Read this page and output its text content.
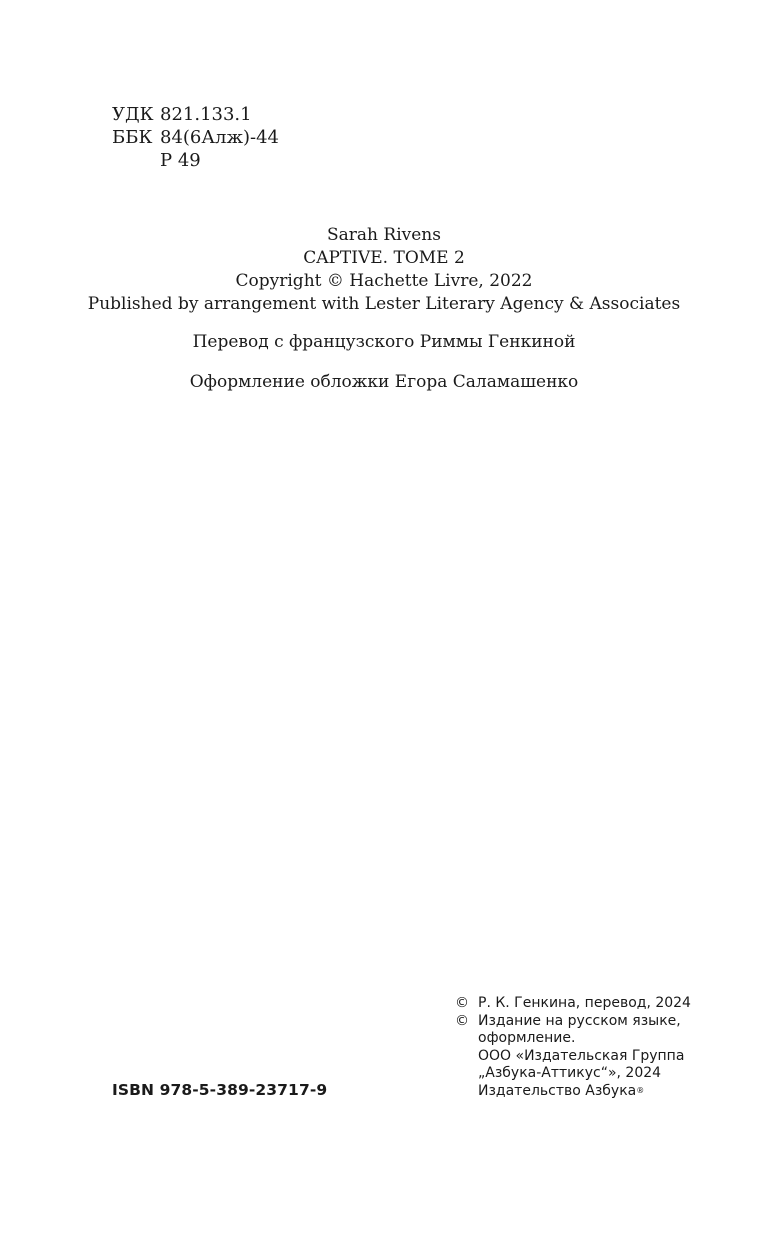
УДК 821.133.1
ББК 84(6Алж)-44
Р 49
Sarah Rivens
CAPTIVE. TOME 2
Copyright © Hachette Livre, 2022
Published by arrangement with Lester Literary Agency & Associates
Перевод с французского Риммы Генкиной
Оформление обложки Егора Саламашенко
© Р. К. Генкина, перевод, 2024
© Издание на русском языке,
оформление.
ООО «Издательская Группа
„Азбука-Аттикус“», 2024
Издательство Азбука®
ISBN 978-5-389-23717-9
